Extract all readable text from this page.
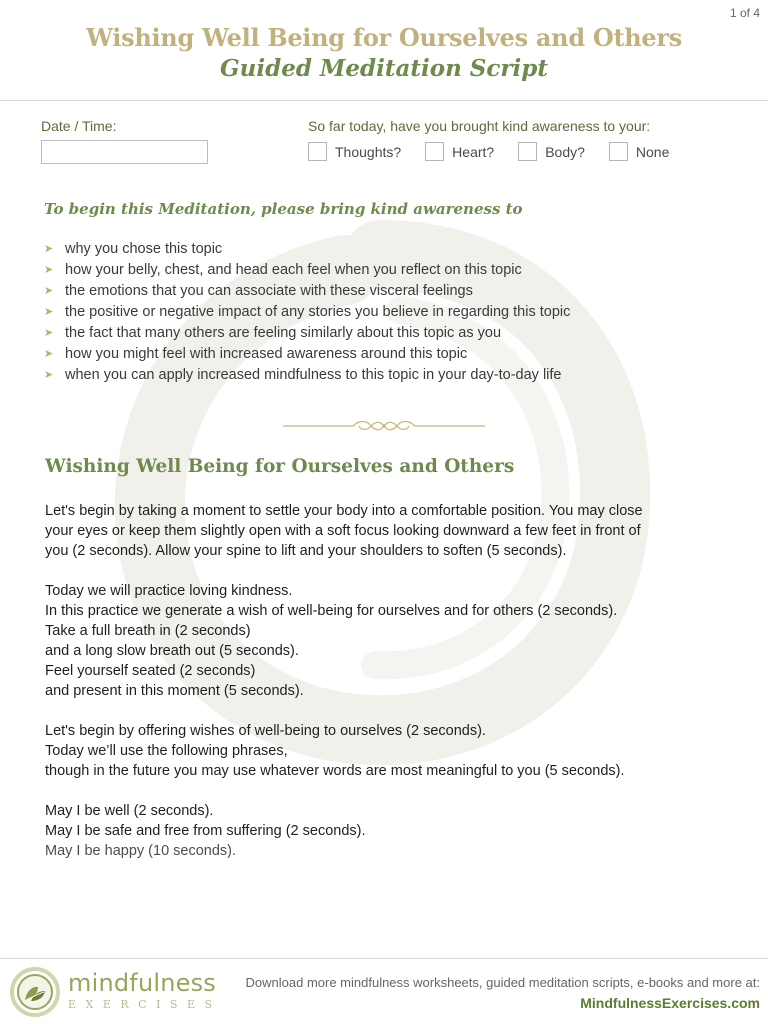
1 of 4
Wishing Well Being for Ourselves and Others
Guided Meditation Script
Date / Time:	So far today, have you brought kind awareness to your:
Thoughts?	Heart?	Body?	None
To begin this Meditation, please bring kind awareness to
➤ why you chose this topic
➤ how your belly, chest, and head each feel when you reflect on this topic
➤ the emotions that you can associate with these visceral feelings
➤ the positive or negative impact of any stories you believe in regarding this topic
➤ the fact that many others are feeling similarly about this topic as you
➤ how you might feel with increased awareness around this topic
➤ when you can apply increased mindfulness to this topic in your day-to-day life
Wishing Well Being for Ourselves and Others

Let's begin by taking a moment to settle your body into a comfortable position. You may close
your eyes or keep them slightly open with a soft focus looking downward a few feet in front of
you (2 seconds). Allow your spine to lift and your shoulders to soften (5 seconds).

Today we will practice loving kindness.
In this practice we generate a wish of well-being for ourselves and for others (2 seconds).
Take a full breath in (2 seconds)
and a long slow breath out (5 seconds).
Feel yourself seated (2 seconds)
and present in this moment (5 seconds).

Let's begin by offering wishes of well-being to ourselves (2 seconds).
Today we’ll use the following phrases,
though in the future you may use whatever words are most meaningful to you (5 seconds).

May I be well (2 seconds).
May I be safe and free from suffering (2 seconds).
May I be happy (10 seconds).

mindfulness
EXERCISES
Download more mindfulness worksheets, guided meditation scripts, e-books and more at:
MindfulnessExercises.com
